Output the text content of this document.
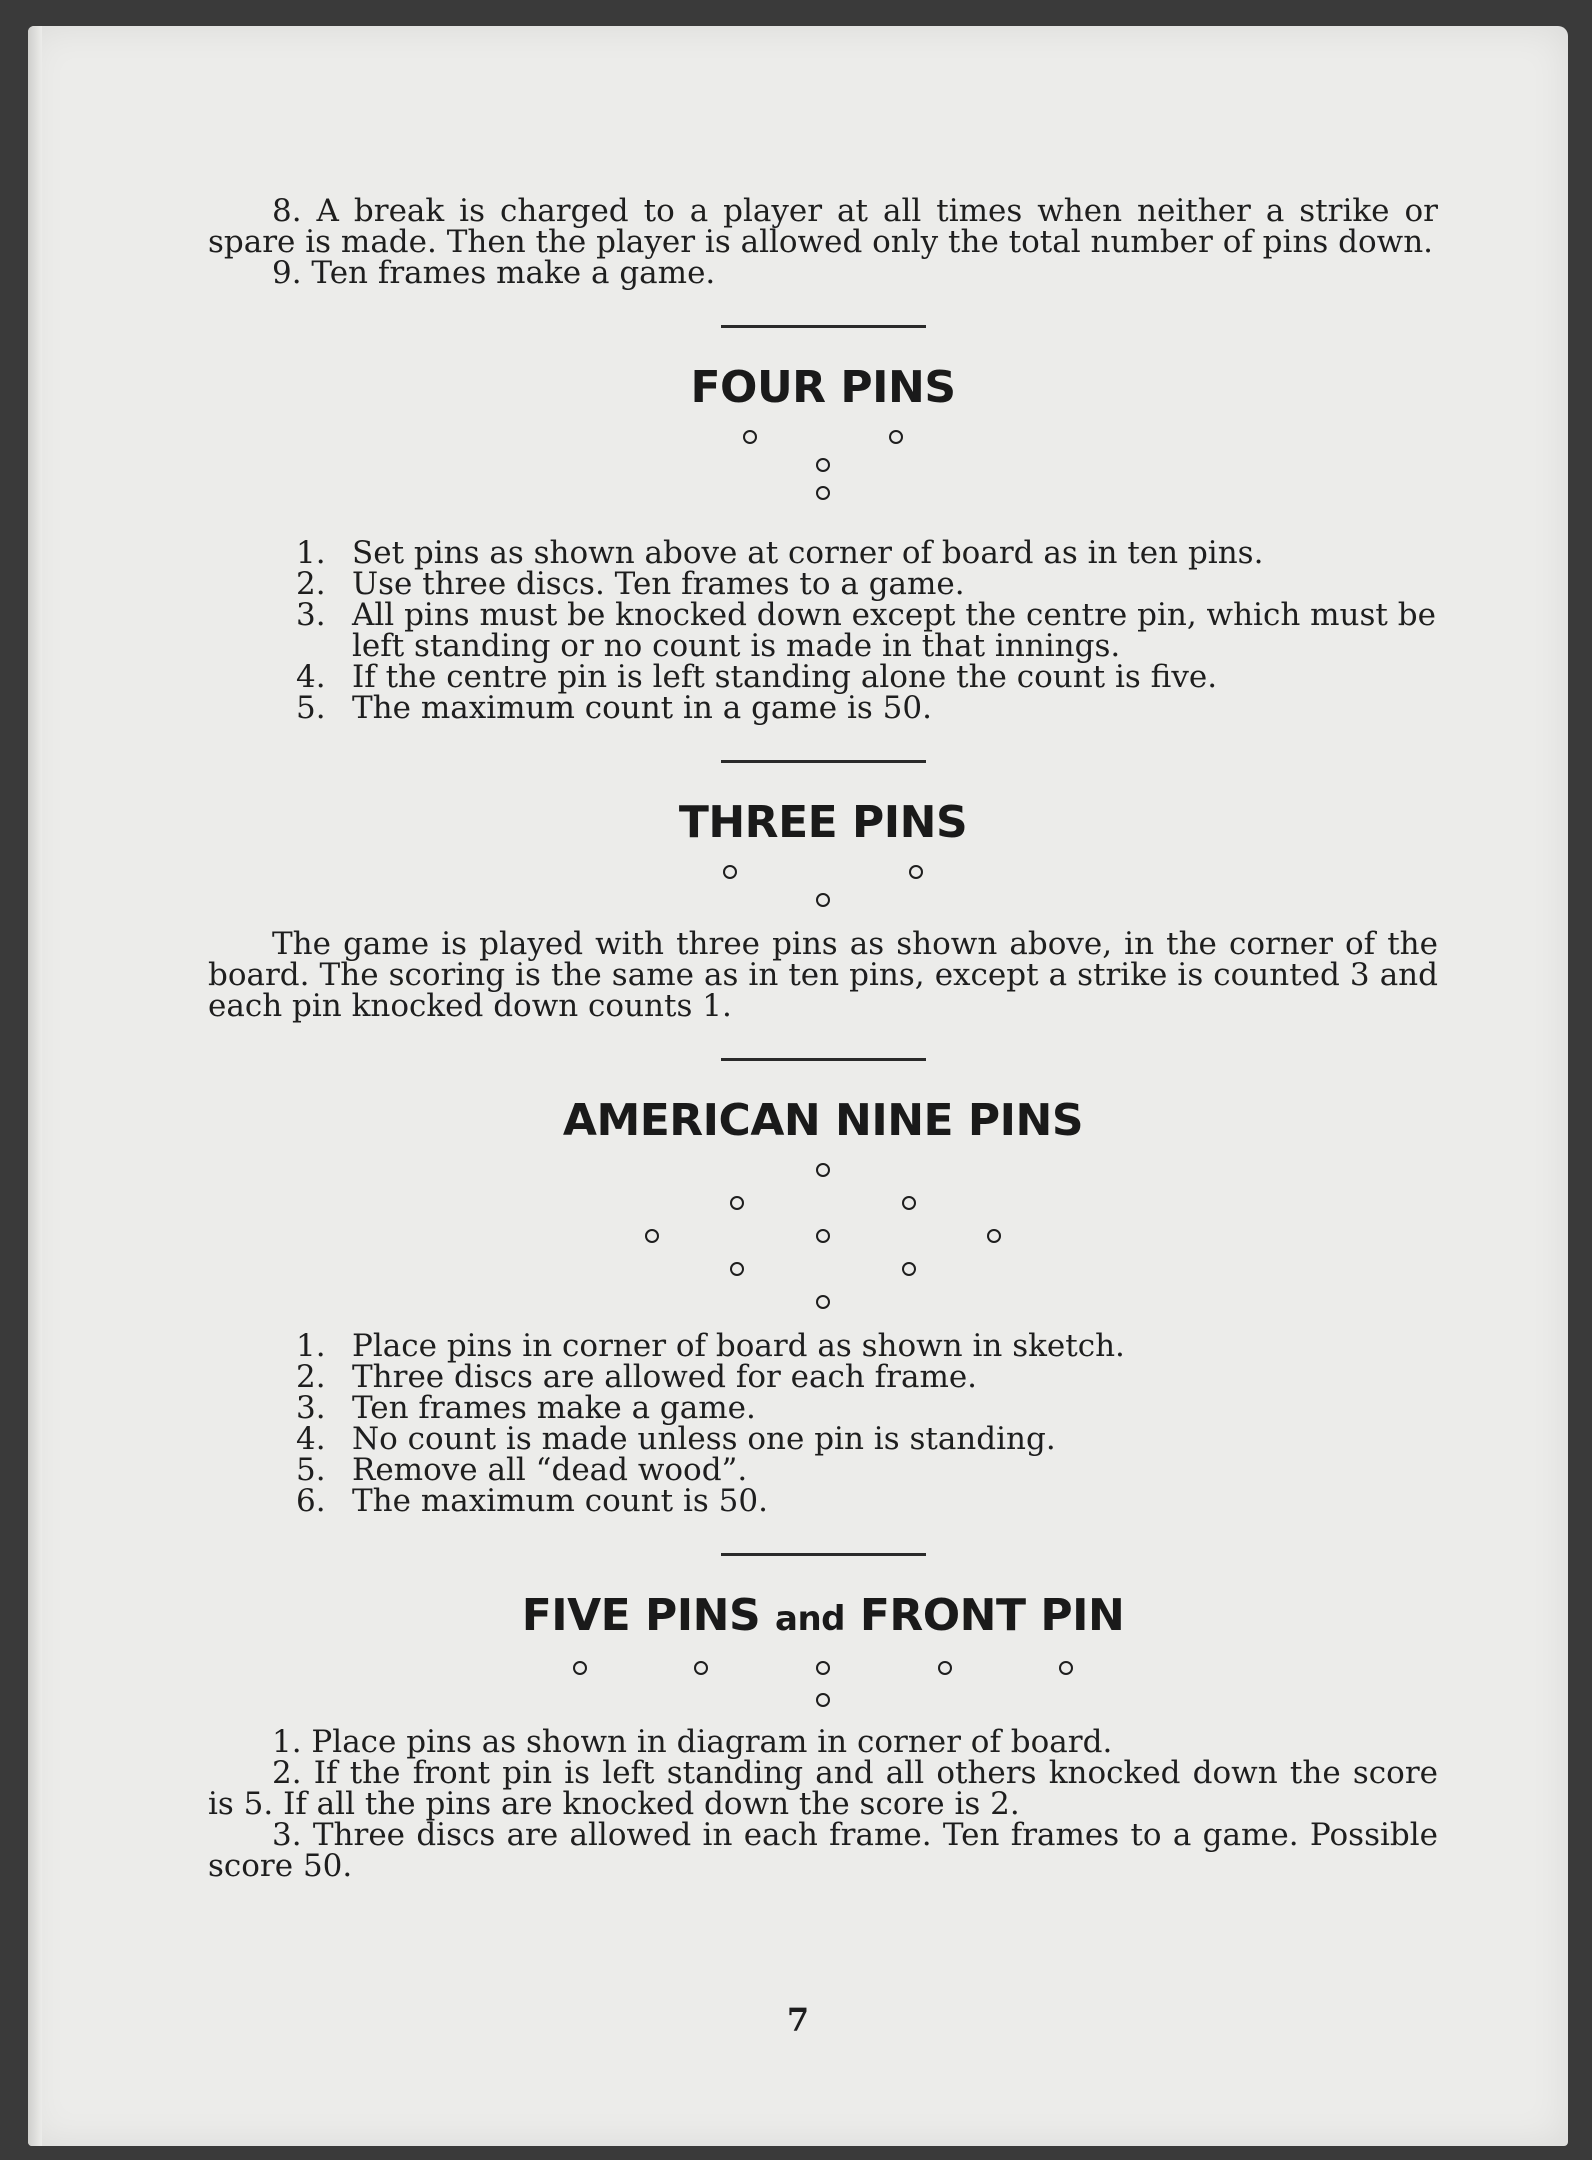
8. A break is charged to a player at all times when neither a strike or spare is made. Then the player is allowed only the total number of pins down.

9. Ten frames make a game.

FOUR PINS
1. Set pins as shown above at corner of board as in ten pins.
2. Use three discs. Ten frames to a game.
3. All pins must be knocked down except the centre pin, which must be left standing or no count is made in that innings.
4. If the centre pin is left standing alone the count is five.
5. The maximum count in a game is 50.
THREE PINS

The game is played with three pins as shown above, in the corner of the board. The scoring is the same as in ten pins, except a strike is counted 3 and each pin knocked down counts 1.

AMERICAN NINE PINS
1. Place pins in corner of board as shown in sketch.
2. Three discs are allowed for each frame.
3. Ten frames make a game.
4. No count is made unless one pin is standing.
5. Remove all “dead wood”.
6. The maximum count is 50.
FIVE PINS and FRONT PIN

1. Place pins as shown in diagram in corner of board.

2. If the front pin is left standing and all others knocked down the score is 5. If all the pins are knocked down the score is 2.

3. Three discs are allowed in each frame. Ten frames to a game. Possible score 50.

7
